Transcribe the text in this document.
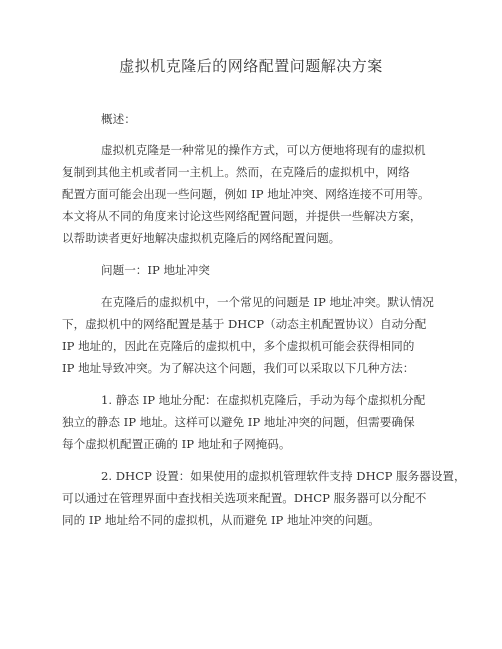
虚拟机克隆后的网络配置问题解决方案
概述：
虚拟机克隆是一种常见的操作方式，可以方便地将现有的虚拟机
复制到其他主机或者同一主机上。然而，在克隆后的虚拟机中，网络
配置方面可能会出现一些问题，例如 IP 地址冲突、网络连接不可用等。
本文将从不同的角度来讨论这些网络配置问题，并提供一些解决方案，
以帮助读者更好地解决虚拟机克隆后的网络配置问题。
问题一：IP 地址冲突
在克隆后的虚拟机中，一个常见的问题是 IP 地址冲突。默认情况
下，虚拟机中的网络配置是基于 DHCP（动态主机配置协议）自动分配
IP 地址的，因此在克隆后的虚拟机中，多个虚拟机可能会获得相同的
IP 地址导致冲突。为了解决这个问题，我们可以采取以下几种方法：
1. 静态 IP 地址分配：在虚拟机克隆后，手动为每个虚拟机分配
独立的静态 IP 地址。这样可以避免 IP 地址冲突的问题，但需要确保
每个虚拟机配置正确的 IP 地址和子网掩码。
2. DHCP 设置：如果使用的虚拟机管理软件支持 DHCP 服务器设置，
可以通过在管理界面中查找相关选项来配置。DHCP 服务器可以分配不
同的 IP 地址给不同的虚拟机，从而避免 IP 地址冲突的问题。
